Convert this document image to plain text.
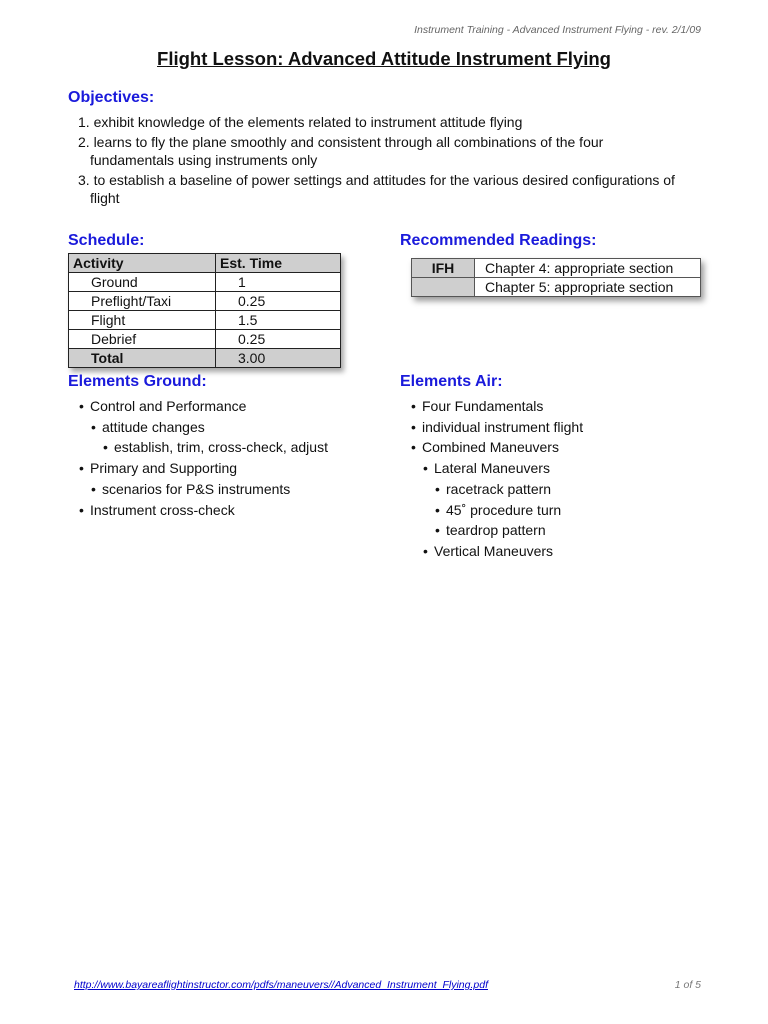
Instrument Training - Advanced Instrument Flying - rev. 2/1/09
Flight Lesson: Advanced Attitude Instrument Flying
Objectives:
1. exhibit knowledge of the elements related to instrument attitude flying
2. learns to fly the plane smoothly and consistent through all combinations of the four fundamentals using instruments only
3. to establish a baseline of power settings and attitudes for the various desired configurations of flight
Schedule:
Activity	Est. Time
Ground	1
Preflight/Taxi	0.25
Flight	1.5
Debrief	0.25
Total	3.00
Recommended Readings:
IFH	Chapter 4: appropriate section
	Chapter 5: appropriate section
Elements Ground:
• Control and Performance
• attitude changes
• establish, trim, cross-check, adjust
• Primary and Supporting
• scenarios for P&S instruments
• Instrument cross-check
Elements Air:
• Four Fundamentals
• individual instrument flight
• Combined Maneuvers
• Lateral Maneuvers
• racetrack pattern
• 45˚ procedure turn
• teardrop pattern
• Vertical Maneuvers
http://www.bayareaflightinstructor.com/pdfs/maneuvers//Advanced_Instrument_Flying.pdf	1 of 5
